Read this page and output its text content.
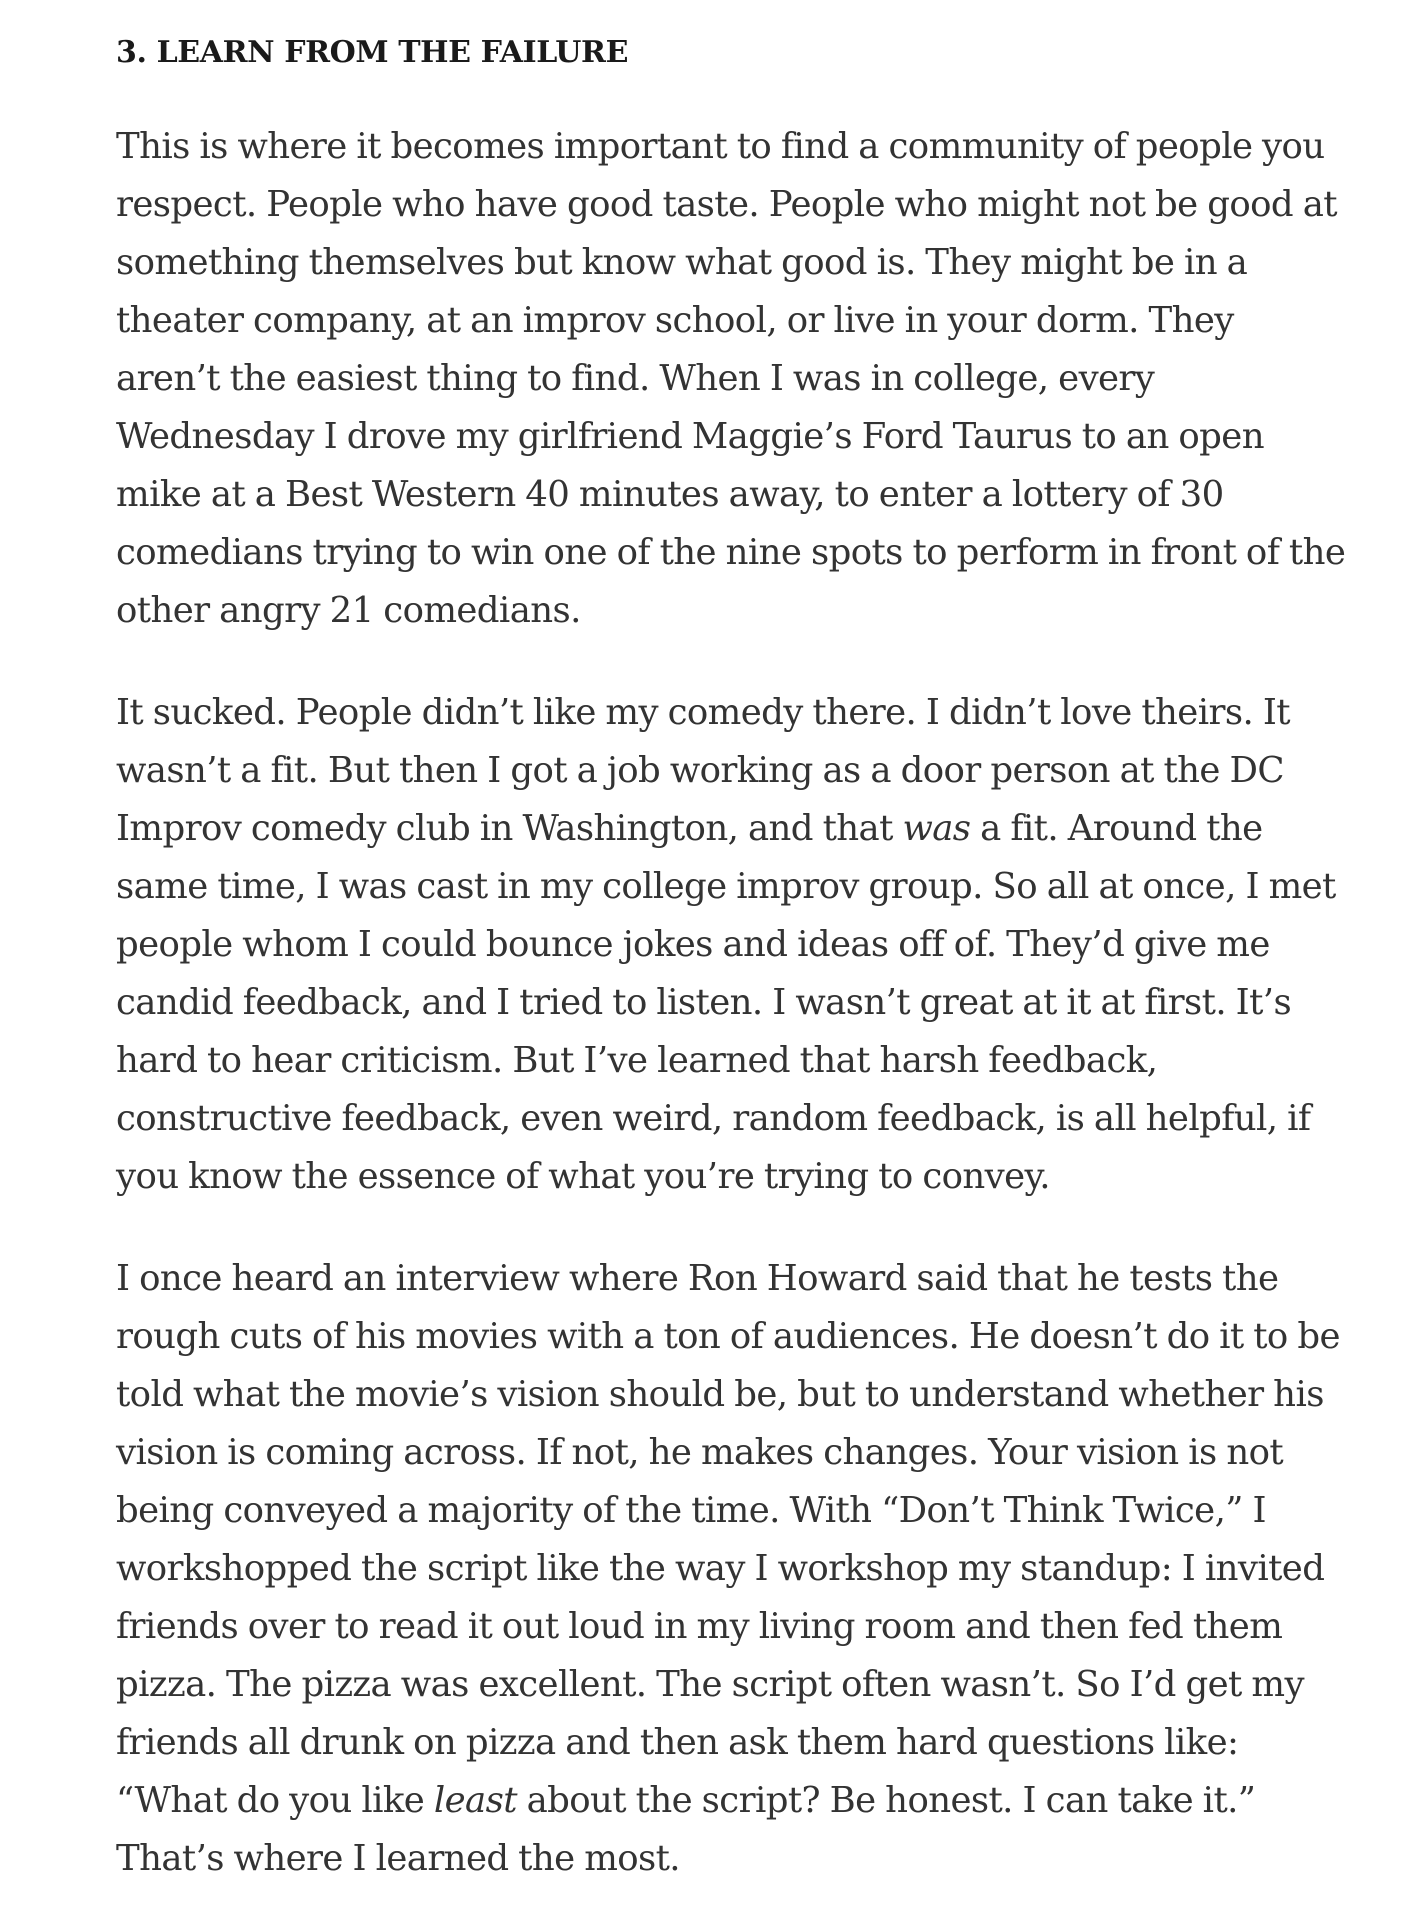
3. LEARN FROM THE FAILURE

This is where it becomes important to find a community of people you
respect. People who have good taste. People who might not be good at
something themselves but know what good is. They might be in a
theater company, at an improv school, or live in your dorm. They
aren’t the easiest thing to find. When I was in college, every
Wednesday I drove my girlfriend Maggie’s Ford Taurus to an open
mike at a Best Western 40 minutes away, to enter a lottery of 30
comedians trying to win one of the nine spots to perform in front of the
other angry 21 comedians.

It sucked. People didn’t like my comedy there. I didn’t love theirs. It
wasn’t a fit. But then I got a job working as a door person at the DC
Improv comedy club in Washington, and that was a fit. Around the
same time, I was cast in my college improv group. So all at once, I met
people whom I could bounce jokes and ideas off of. They’d give me
candid feedback, and I tried to listen. I wasn’t great at it at first. It’s
hard to hear criticism. But I’ve learned that harsh feedback,
constructive feedback, even weird, random feedback, is all helpful, if
you know the essence of what you’re trying to convey.

I once heard an interview where Ron Howard said that he tests the
rough cuts of his movies with a ton of audiences. He doesn’t do it to be
told what the movie’s vision should be, but to understand whether his
vision is coming across. If not, he makes changes. Your vision is not
being conveyed a majority of the time. With “Don’t Think Twice,” I
workshopped the script like the way I workshop my standup: I invited
friends over to read it out loud in my living room and then fed them
pizza. The pizza was excellent. The script often wasn’t. So I’d get my
friends all drunk on pizza and then ask them hard questions like:
“What do you like least about the script? Be honest. I can take it.”
That’s where I learned the most.
